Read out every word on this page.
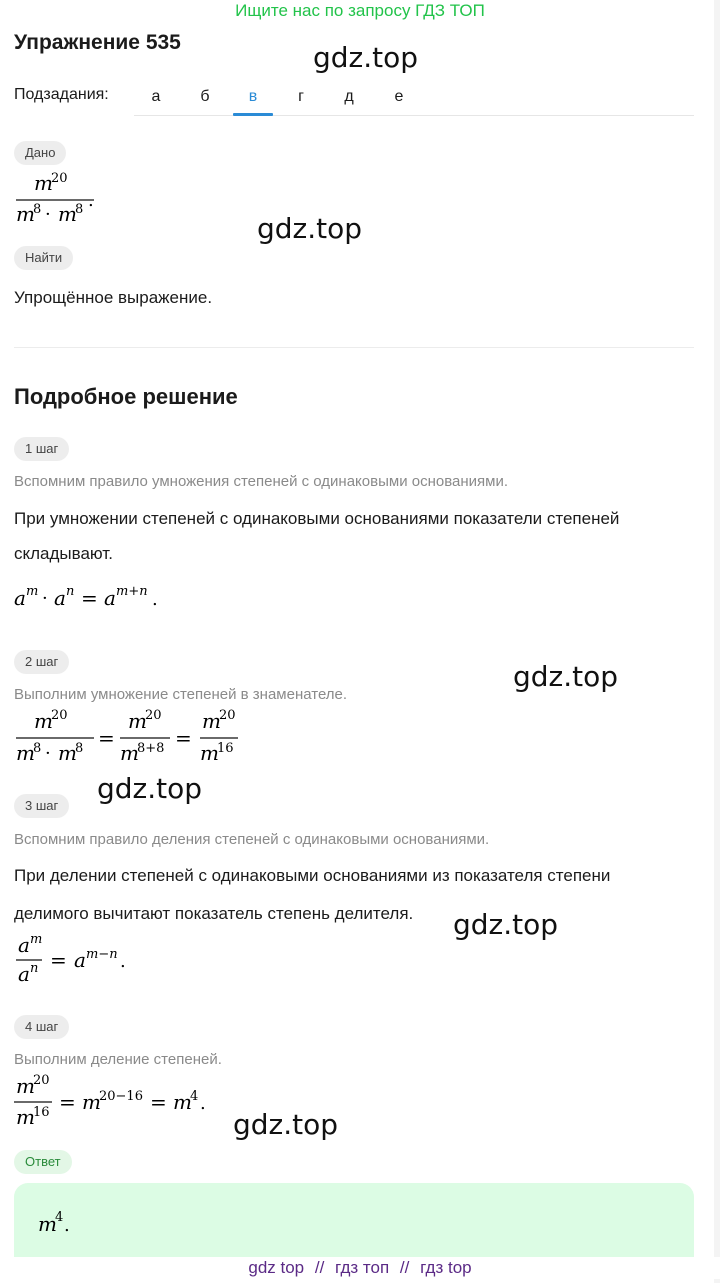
Ищите нас по запросу ГДЗ ТОП
Упражнение 535	gdz.top
Подзадания:	а	б	в	г	д	е
Дано
m
20
m
8 · m
8 .
gdz.top
Найти
Упрощённое выражение.
Подробное решение
1 шаг
Вспомним правило умножения степеней с одинаковыми основаниями.
При умножении степеней с одинаковыми основаниями показатели степеней
складывают.
a m · a n = a m+n .
2 шаг	gdz.top
Выполним умножение степеней в знаменателе.
m
20
m
8 · m
8 =
m
20
m
8+8 =
m
20
m
16
gdz.top
3 шаг
Вспомним правило деления степеней с одинаковыми основаниями.
При делении степеней с одинаковыми основаниями из показателя степени
делимого вычитают показатель степень делителя. gdz.top
a m
a n = a m−n .
4 шаг
Выполним деление степеней.
m
20
m
16 = m
20−16 = m
4 .
gdz.top
Ответ
m
4 .
gdz top // гдз топ // гдз top
